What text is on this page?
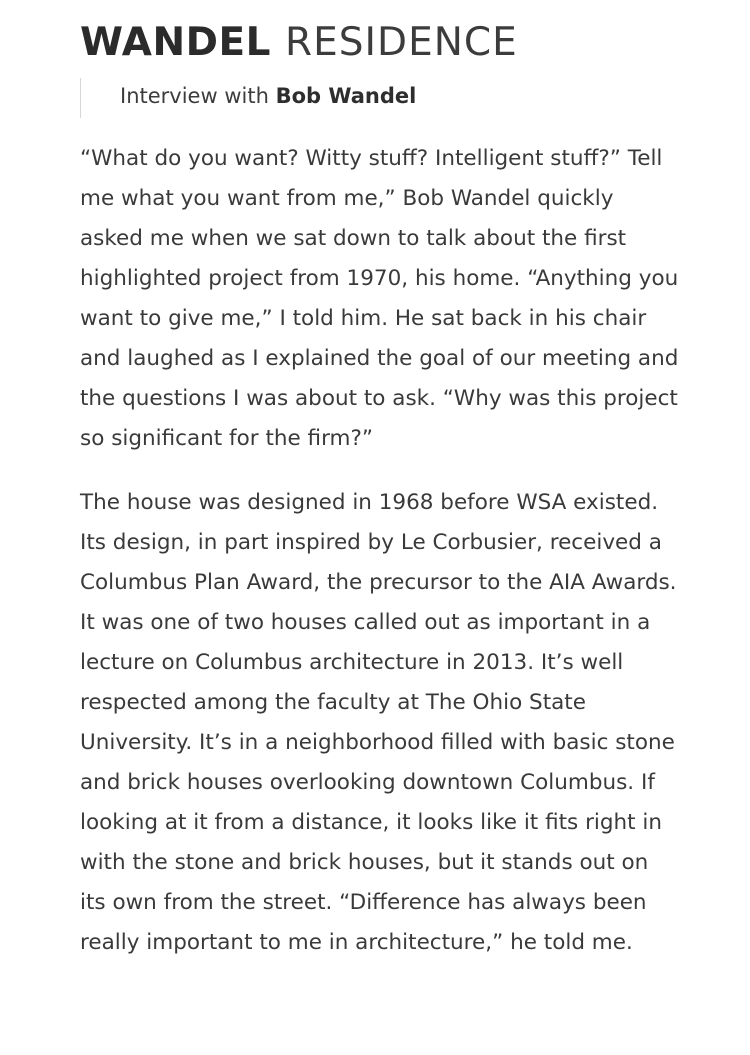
WANDEL RESIDENCE
Interview with Bob Wandel

“What do you want? Witty stuff? Intelligent stuff?” Tell me what you want from me,” Bob Wandel quickly asked me when we sat down to talk about the first highlighted project from 1970, his home. “Anything you want to give me,” I told him. He sat back in his chair and laughed as I explained the goal of our meeting and the questions I was about to ask. “Why was this project so significant for the firm?”

The house was designed in 1968 before WSA existed. Its design, in part inspired by Le Corbusier, received a Columbus Plan Award, the precursor to the AIA Awards. It was one of two houses called out as important in a lecture on Columbus architecture in 2013. It’s well respected among the faculty at The Ohio State University. It’s in a neighborhood filled with basic stone and brick houses overlooking downtown Columbus. If looking at it from a distance, it looks like it fits right in with the stone and brick houses, but it stands out on its own from the street. “Difference has always been really important to me in architecture,” he told me.
